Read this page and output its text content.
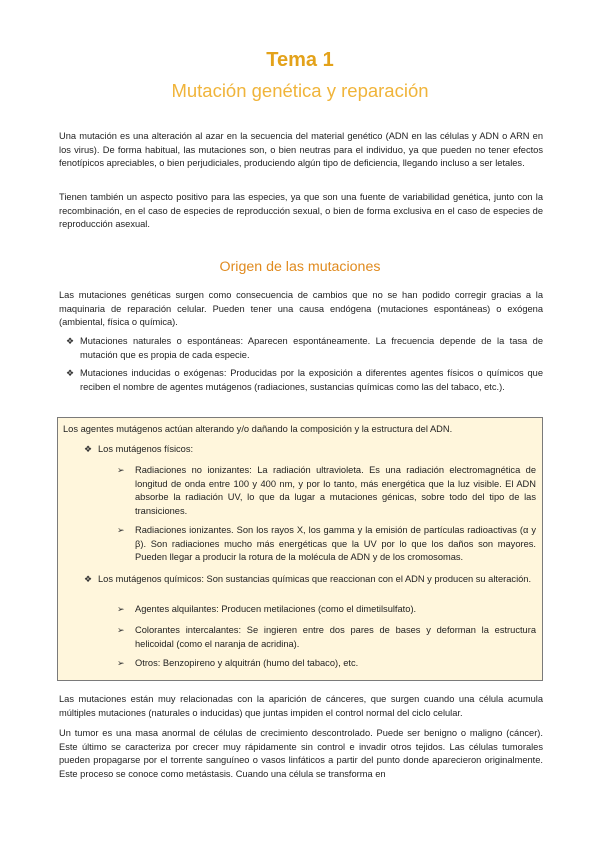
Tema 1
Mutación genética y reparación
Una mutación es una alteración al azar en la secuencia del material genético (ADN en las células y ADN o ARN en los virus). De forma habitual, las mutaciones son, o bien neutras para el individuo, ya que pueden no tener efectos fenotípicos apreciables, o bien perjudiciales, produciendo algún tipo de deficiencia, llegando incluso a ser letales.
Tienen también un aspecto positivo para las especies, ya que son una fuente de variabilidad genética, junto con la recombinación, en el caso de especies de reproducción sexual, o bien de forma exclusiva en el caso de especies de reproducción asexual.
Origen de las mutaciones
Las mutaciones genéticas surgen como consecuencia de cambios que no se han podido corregir gracias a la maquinaria de reparación celular. Pueden tener una causa endógena (mutaciones espontáneas) o exógena (ambiental, física o química).
❖ Mutaciones naturales o espontáneas: Aparecen espontáneamente. La frecuencia depende de la tasa de mutación que es propia de cada especie.
❖ Mutaciones inducidas o exógenas: Producidas por la exposición a diferentes agentes físicos o químicos que reciben el nombre de agentes mutágenos (radiaciones, sustancias químicas como las del tabaco, etc.).
Los agentes mutágenos actúan alterando y/o dañando la composición y la estructura del ADN.
❖ Los mutágenos físicos:
➢ Radiaciones no ionizantes: La radiación ultravioleta. Es una radiación electromagnética de longitud de onda entre 100 y 400 nm, y por lo tanto, más energética que la luz visible. El ADN absorbe la radiación UV, lo que da lugar a mutaciones génicas, sobre todo del tipo de las transiciones.
➢ Radiaciones ionizantes. Son los rayos X, los gamma y la emisión de partículas radioactivas (α y β). Son radiaciones mucho más energéticas que la UV por lo que los daños son mayores. Pueden llegar a producir la rotura de la molécula de ADN y de los cromosomas.
❖ Los mutágenos químicos: Son sustancias químicas que reaccionan con el ADN y producen su alteración.
➢ Agentes alquilantes: Producen metilaciones (como el dimetilsulfato).
➢ Colorantes intercalantes: Se ingieren entre dos pares de bases y deforman la estructura helicoidal (como el naranja de acridina).
➢ Otros: Benzopireno y alquitrán (humo del tabaco), etc.
Las mutaciones están muy relacionadas con la aparición de cánceres, que surgen cuando una célula acumula múltiples mutaciones (naturales o inducidas) que juntas impiden el control normal del ciclo celular.
Un tumor es una masa anormal de células de crecimiento descontrolado. Puede ser benigno o maligno (cáncer). Este último se caracteriza por crecer muy rápidamente sin control e invadir otros tejidos. Las células tumorales pueden propagarse por el torrente sanguíneo o vasos linfáticos a partir del punto donde aparecieron originalmente. Este proceso se conoce como metástasis. Cuando una célula se transforma en
